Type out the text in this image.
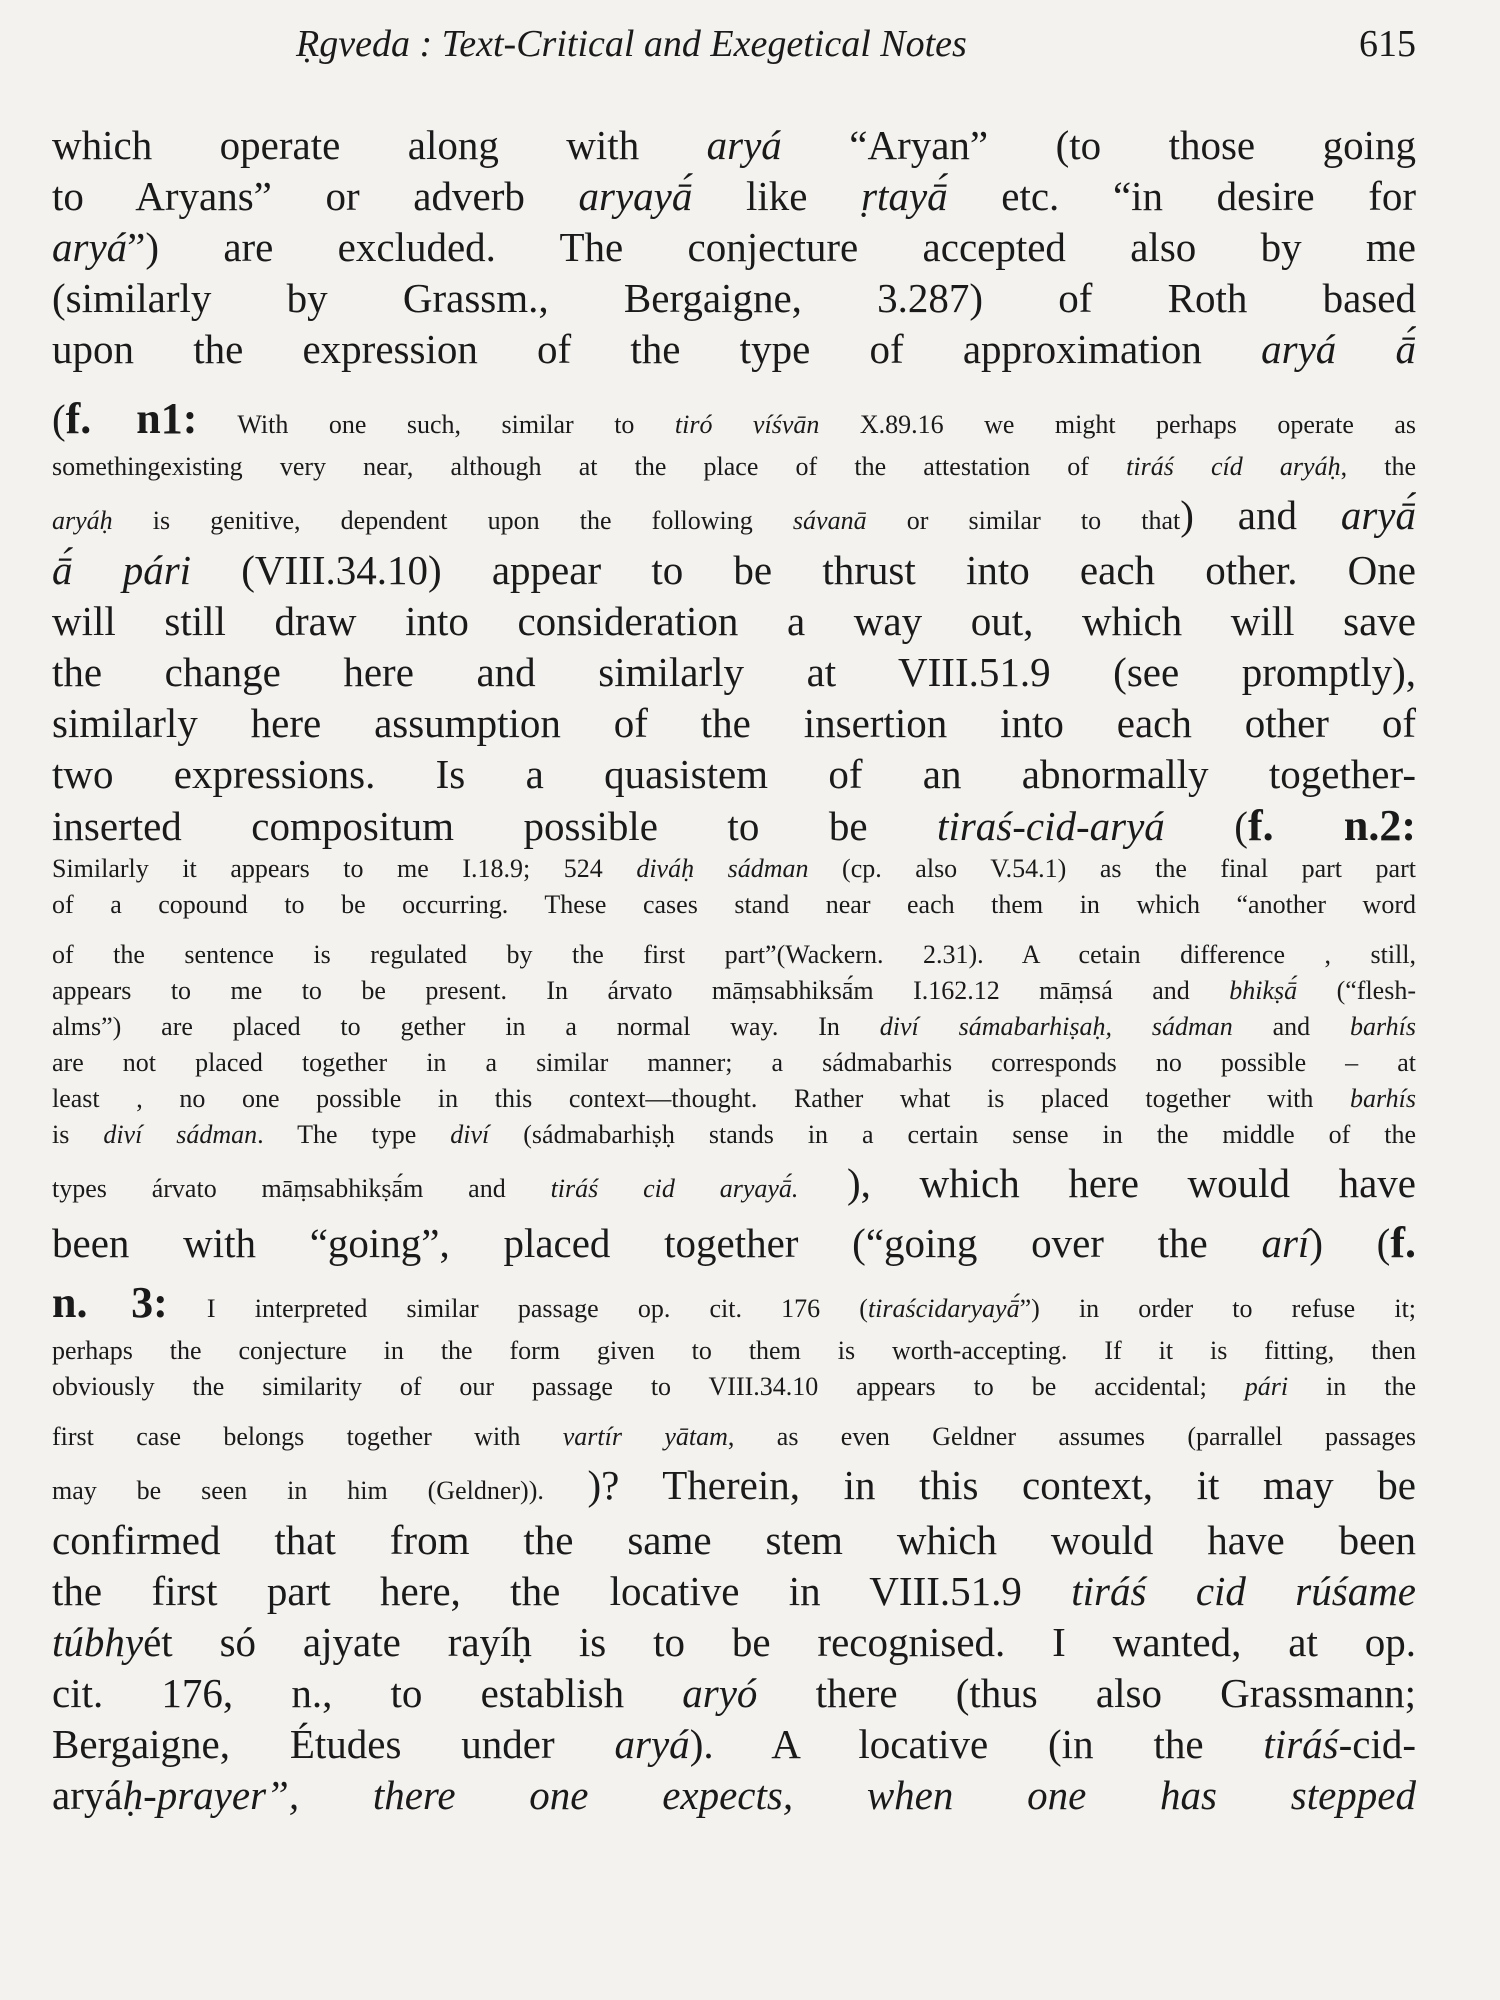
Ṛgveda : Text-Critical and Exegetical Notes	615
which operate along with aryá “Aryan” (to those going
to Aryans” or adverb aryayā́ like ṛtayā́ etc. “in desire for
aryá”) are excluded. The conjecture accepted also by me
(similarly by Grassm., Bergaigne, 3.287) of Roth based
upon the expression of the type of approximation aryá ā́
(f. n1: With one such, similar to tiró víśvān X.89.16 we might perhaps operate as
somethingexisting very near, although at the place of the attestation of tiráś cíd aryáḥ, the
aryáḥ is genitive, dependent upon the following sávanā or similar to that) and aryā́
ā́ pári (VIII.34.10) appear to be thrust into each other. One
will still draw into consideration a way out, which will save
the change here and similarly at VIII.51.9 (see promptly),
similarly here assumption of the insertion into each other of
two expressions. Is a quasistem of an abnormally together-
inserted compositum possible to be tiraś-cid-aryá (f. n.2:
Similarly it appears to me I.18.9; 524 diváḥ sádman (cp. also V.54.1) as the final part part
of a copound to be occurring. These cases stand near each them in which “another word
of the sentence is regulated by the first part”(Wackern. 2.31). A cetain difference , still,
appears to me to be present. In árvato māṃsabhiksā́m I.162.12 māṃsá and bhikṣā́ (“flesh-
alms”) are placed to gether in a normal way. In diví sámabarhiṣaḥ, sádman and barhís
are not placed together in a similar manner; a sádmabarhis corresponds no possible – at
least , no one possible in this context—thought. Rather what is placed together with barhís
is diví sádman. The type diví (sádmabarhiṣḥ stands in a certain sense in the middle of the
types árvato māṃsabhikṣā́m and tiráś cid aryayā́. ), which here would have
been with “going”, placed together (“going over the arí) (f.
n. 3: I interpreted similar passage op. cit. 176 (tiraścidaryayā́”) in order to refuse it;
perhaps the conjecture in the form given to them is worth-accepting. If it is fitting, then
obviously the similarity of our passage to VIII.34.10 appears to be accidental; pári in the
first case belongs together with vartír yātam, as even Geldner assumes (parrallel passages
may be seen in him (Geldner)). )? Therein, in this context, it may be
confirmed that from the same stem which would have been
the first part here, the locative in VIII.51.9 tiráś cid rúśame
túbhyét só ajyate rayíḥ is to be recognised. I wanted, at op.
cit. 176, n., to establish aryó there (thus also Grassmann;
Bergaigne, Études under aryá). A locative (in the tiráś-cid-
aryáḥ-prayer”, there one expects, when one has stepped
